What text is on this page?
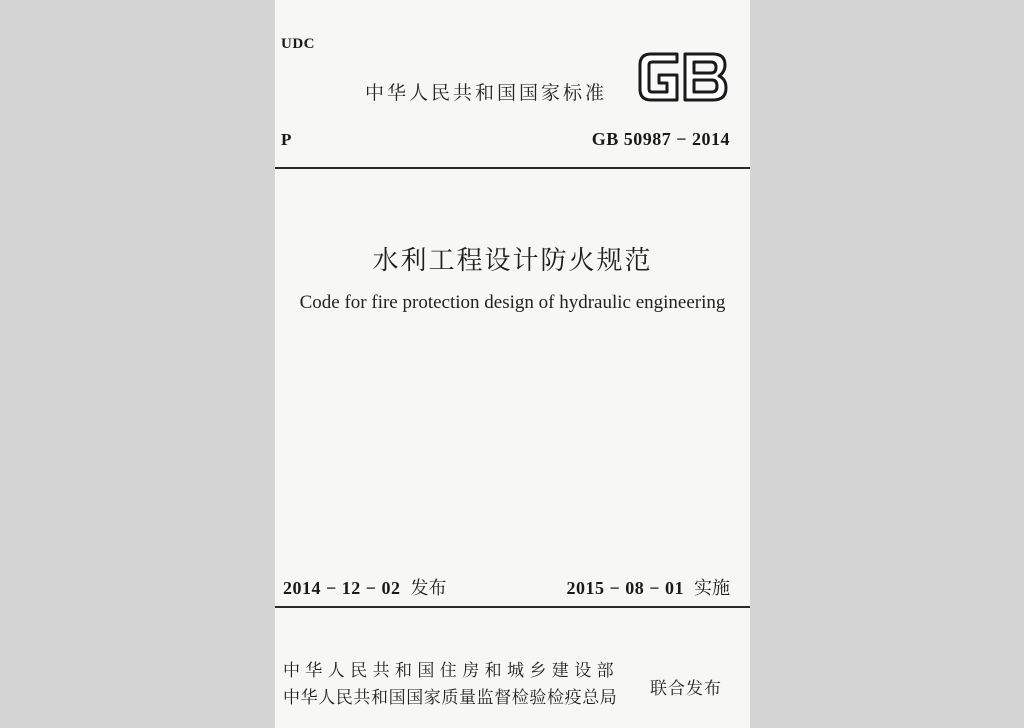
UDC
中华人民共和国国家标准
P	GB 50987 − 2014
水利工程设计防火规范
Code for fire protection design of hydraulic engineering
2014 − 12 − 02 发布	2015 − 08 − 01 实施
中华人民共和国住房和城乡建设部
中华人民共和国国家质量监督检验检疫总局 联合发布
